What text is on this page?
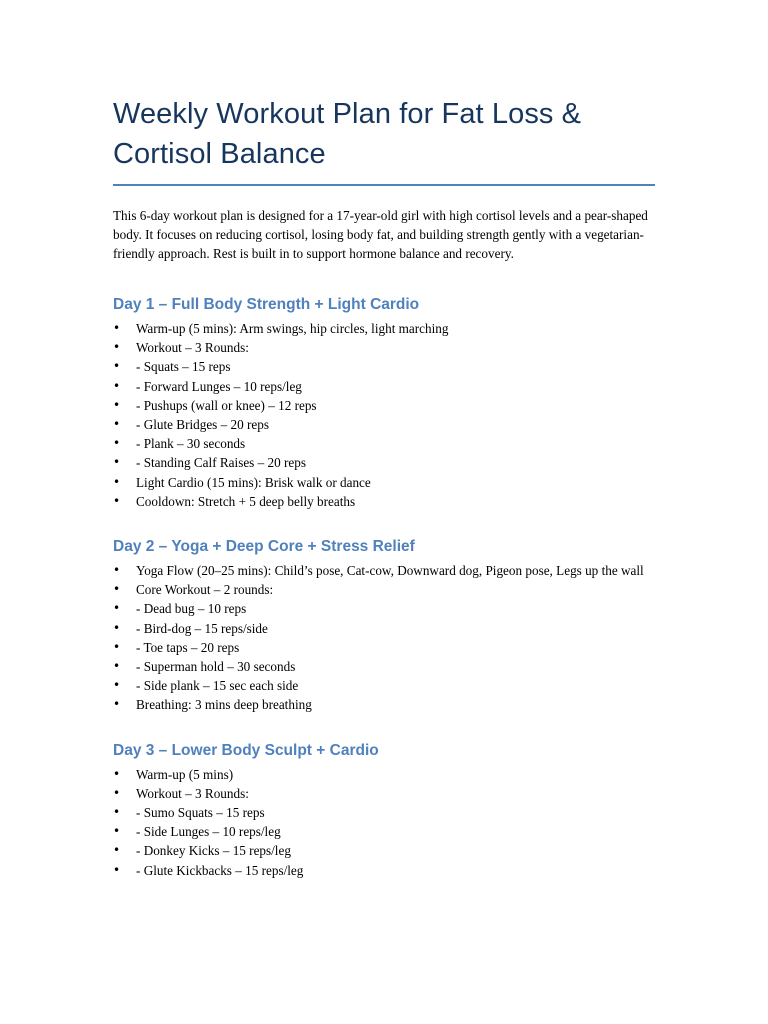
Weekly Workout Plan for Fat Loss & Cortisol Balance

This 6-day workout plan is designed for a 17-year-old girl with high cortisol levels and a pear-shaped body. It focuses on reducing cortisol, losing body fat, and building strength gently with a vegetarian-friendly approach. Rest is built in to support hormone balance and recovery.

Day 1 – Full Body Strength + Light Cardio
• Warm-up (5 mins): Arm swings, hip circles, light marching
• Workout – 3 Rounds:
• - Squats – 15 reps
• - Forward Lunges – 10 reps/leg
• - Pushups (wall or knee) – 12 reps
• - Glute Bridges – 20 reps
• - Plank – 30 seconds
• - Standing Calf Raises – 20 reps
• Light Cardio (15 mins): Brisk walk or dance
• Cooldown: Stretch + 5 deep belly breaths
Day 2 – Yoga + Deep Core + Stress Relief
• Yoga Flow (20–25 mins): Child’s pose, Cat-cow, Downward dog, Pigeon pose, Legs up the wall
• Core Workout – 2 rounds:
• - Dead bug – 10 reps
• - Bird-dog – 15 reps/side
• - Toe taps – 20 reps
• - Superman hold – 30 seconds
• - Side plank – 15 sec each side
• Breathing: 3 mins deep breathing
Day 3 – Lower Body Sculpt + Cardio
• Warm-up (5 mins)
• Workout – 3 Rounds:
• - Sumo Squats – 15 reps
• - Side Lunges – 10 reps/leg
• - Donkey Kicks – 15 reps/leg
• - Glute Kickbacks – 15 reps/leg
